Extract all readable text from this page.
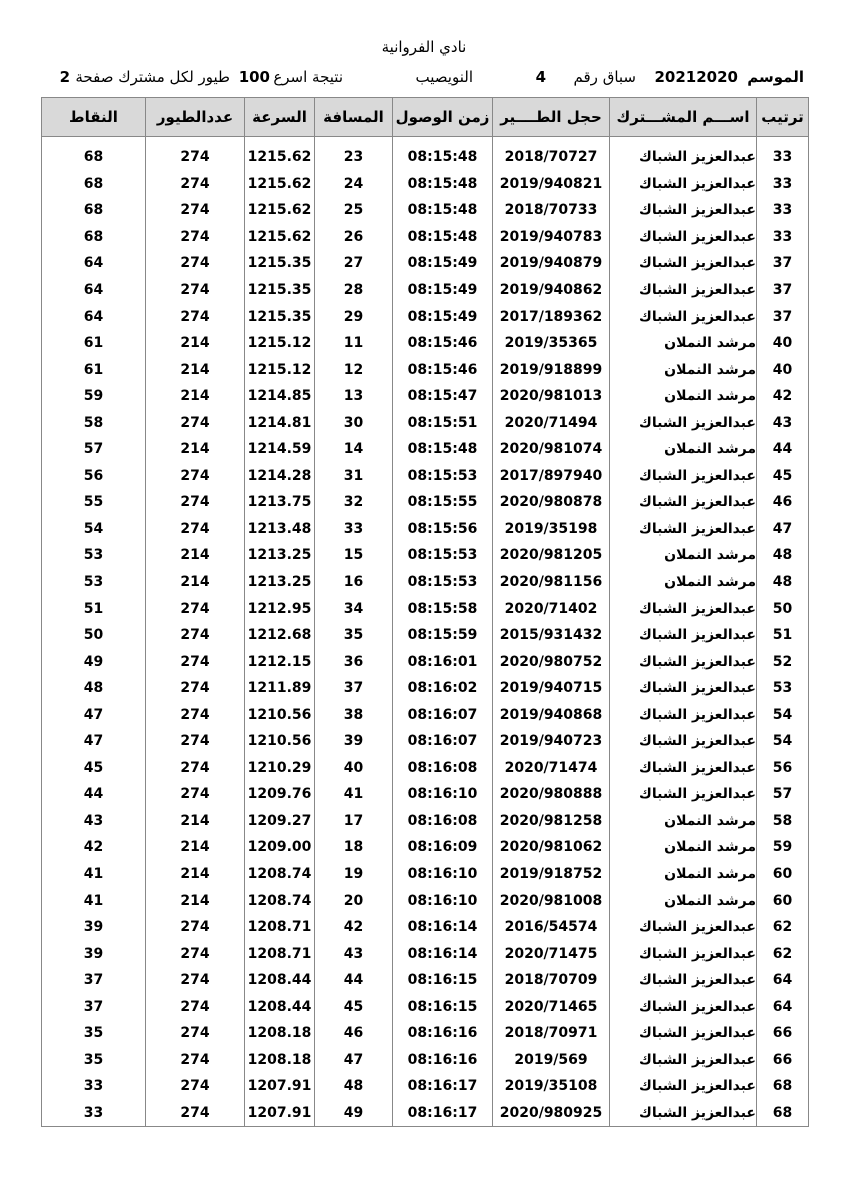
نادي الفروانية
الموسم
20212020
سباق رقم
4
النويصيب
نتيجة اسرع
100
طيور لكل مشترك صفحة
2
ترتيب	اســـم المشـــترك	حجل الطــــير	زمن الوصول	المسافة	السرعة	عددالطيور	النقاط

33	عبدالعزيز الشباك	2018/70727	08:15:48	23	1215.62	274	68
33	عبدالعزيز الشباك	2019/940821	08:15:48	24	1215.62	274	68
33	عبدالعزيز الشباك	2018/70733	08:15:48	25	1215.62	274	68
33	عبدالعزيز الشباك	2019/940783	08:15:48	26	1215.62	274	68
37	عبدالعزيز الشباك	2019/940879	08:15:49	27	1215.35	274	64
37	عبدالعزيز الشباك	2019/940862	08:15:49	28	1215.35	274	64
37	عبدالعزيز الشباك	2017/189362	08:15:49	29	1215.35	274	64
40	مرشد النملان	2019/35365	08:15:46	11	1215.12	214	61
40	مرشد النملان	2019/918899	08:15:46	12	1215.12	214	61
42	مرشد النملان	2020/981013	08:15:47	13	1214.85	214	59
43	عبدالعزيز الشباك	2020/71494	08:15:51	30	1214.81	274	58
44	مرشد النملان	2020/981074	08:15:48	14	1214.59	214	57
45	عبدالعزيز الشباك	2017/897940	08:15:53	31	1214.28	274	56
46	عبدالعزيز الشباك	2020/980878	08:15:55	32	1213.75	274	55
47	عبدالعزيز الشباك	2019/35198	08:15:56	33	1213.48	274	54
48	مرشد النملان	2020/981205	08:15:53	15	1213.25	214	53
48	مرشد النملان	2020/981156	08:15:53	16	1213.25	214	53
50	عبدالعزيز الشباك	2020/71402	08:15:58	34	1212.95	274	51
51	عبدالعزيز الشباك	2015/931432	08:15:59	35	1212.68	274	50
52	عبدالعزيز الشباك	2020/980752	08:16:01	36	1212.15	274	49
53	عبدالعزيز الشباك	2019/940715	08:16:02	37	1211.89	274	48
54	عبدالعزيز الشباك	2019/940868	08:16:07	38	1210.56	274	47
54	عبدالعزيز الشباك	2019/940723	08:16:07	39	1210.56	274	47
56	عبدالعزيز الشباك	2020/71474	08:16:08	40	1210.29	274	45
57	عبدالعزيز الشباك	2020/980888	08:16:10	41	1209.76	274	44
58	مرشد النملان	2020/981258	08:16:08	17	1209.27	214	43
59	مرشد النملان	2020/981062	08:16:09	18	1209.00	214	42
60	مرشد النملان	2019/918752	08:16:10	19	1208.74	214	41
60	مرشد النملان	2020/981008	08:16:10	20	1208.74	214	41
62	عبدالعزيز الشباك	2016/54574	08:16:14	42	1208.71	274	39
62	عبدالعزيز الشباك	2020/71475	08:16:14	43	1208.71	274	39
64	عبدالعزيز الشباك	2018/70709	08:16:15	44	1208.44	274	37
64	عبدالعزيز الشباك	2020/71465	08:16:15	45	1208.44	274	37
66	عبدالعزيز الشباك	2018/70971	08:16:16	46	1208.18	274	35
66	عبدالعزيز الشباك	2019/569	08:16:16	47	1208.18	274	35
68	عبدالعزيز الشباك	2019/35108	08:16:17	48	1207.91	274	33
68	عبدالعزيز الشباك	2020/980925	08:16:17	49	1207.91	274	33
